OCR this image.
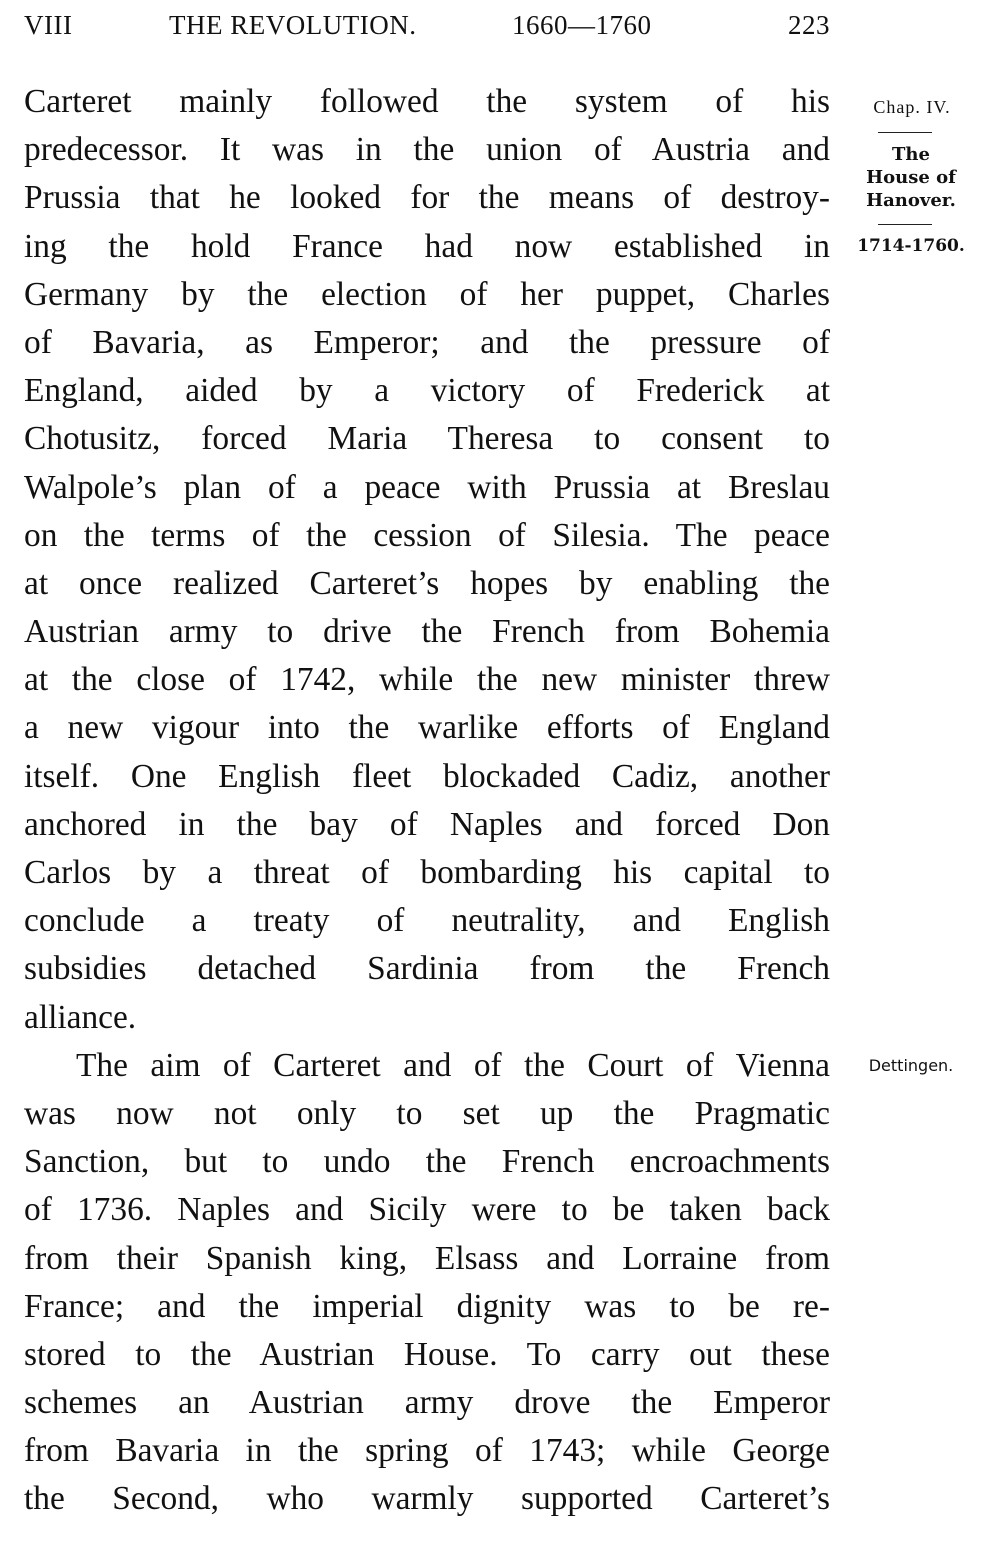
VIII	THE REVOLUTION.	1660—1760	223
Carteret mainly followed the system of his
predecessor. It was in the union of Austria and
Prussia that he looked for the means of destroy-
ing the hold France had now established in
Germany by the election of her puppet, Charles
of Bavaria, as Emperor; and the pressure of
England, aided by a victory of Frederick at
Chotusitz, forced Maria Theresa to consent to
Walpole’s plan of a peace with Prussia at Breslau
on the terms of the cession of Silesia. The peace
at once realized Carteret’s hopes by enabling the
Austrian army to drive the French from Bohemia
at the close of 1742, while the new minister threw
a new vigour into the warlike efforts of England
itself. One English fleet blockaded Cadiz, another
anchored in the bay of Naples and forced Don
Carlos by a threat of bombarding his capital to
conclude a treaty of neutrality, and English
subsidies detached Sardinia from the French
alliance.
The aim of Carteret and of the Court of Vienna
was now not only to set up the Pragmatic
Sanction, but to undo the French encroachments
of 1736. Naples and Sicily were to be taken back
from their Spanish king, Elsass and Lorraine from
France; and the imperial dignity was to be re-
stored to the Austrian House. To carry out these
schemes an Austrian army drove the Emperor
from Bavaria in the spring of 1743; while George
the Second, who warmly supported Carteret’s
Chap. IV.
The
House of
Hanover.
1714-1760.
Dettingen.
